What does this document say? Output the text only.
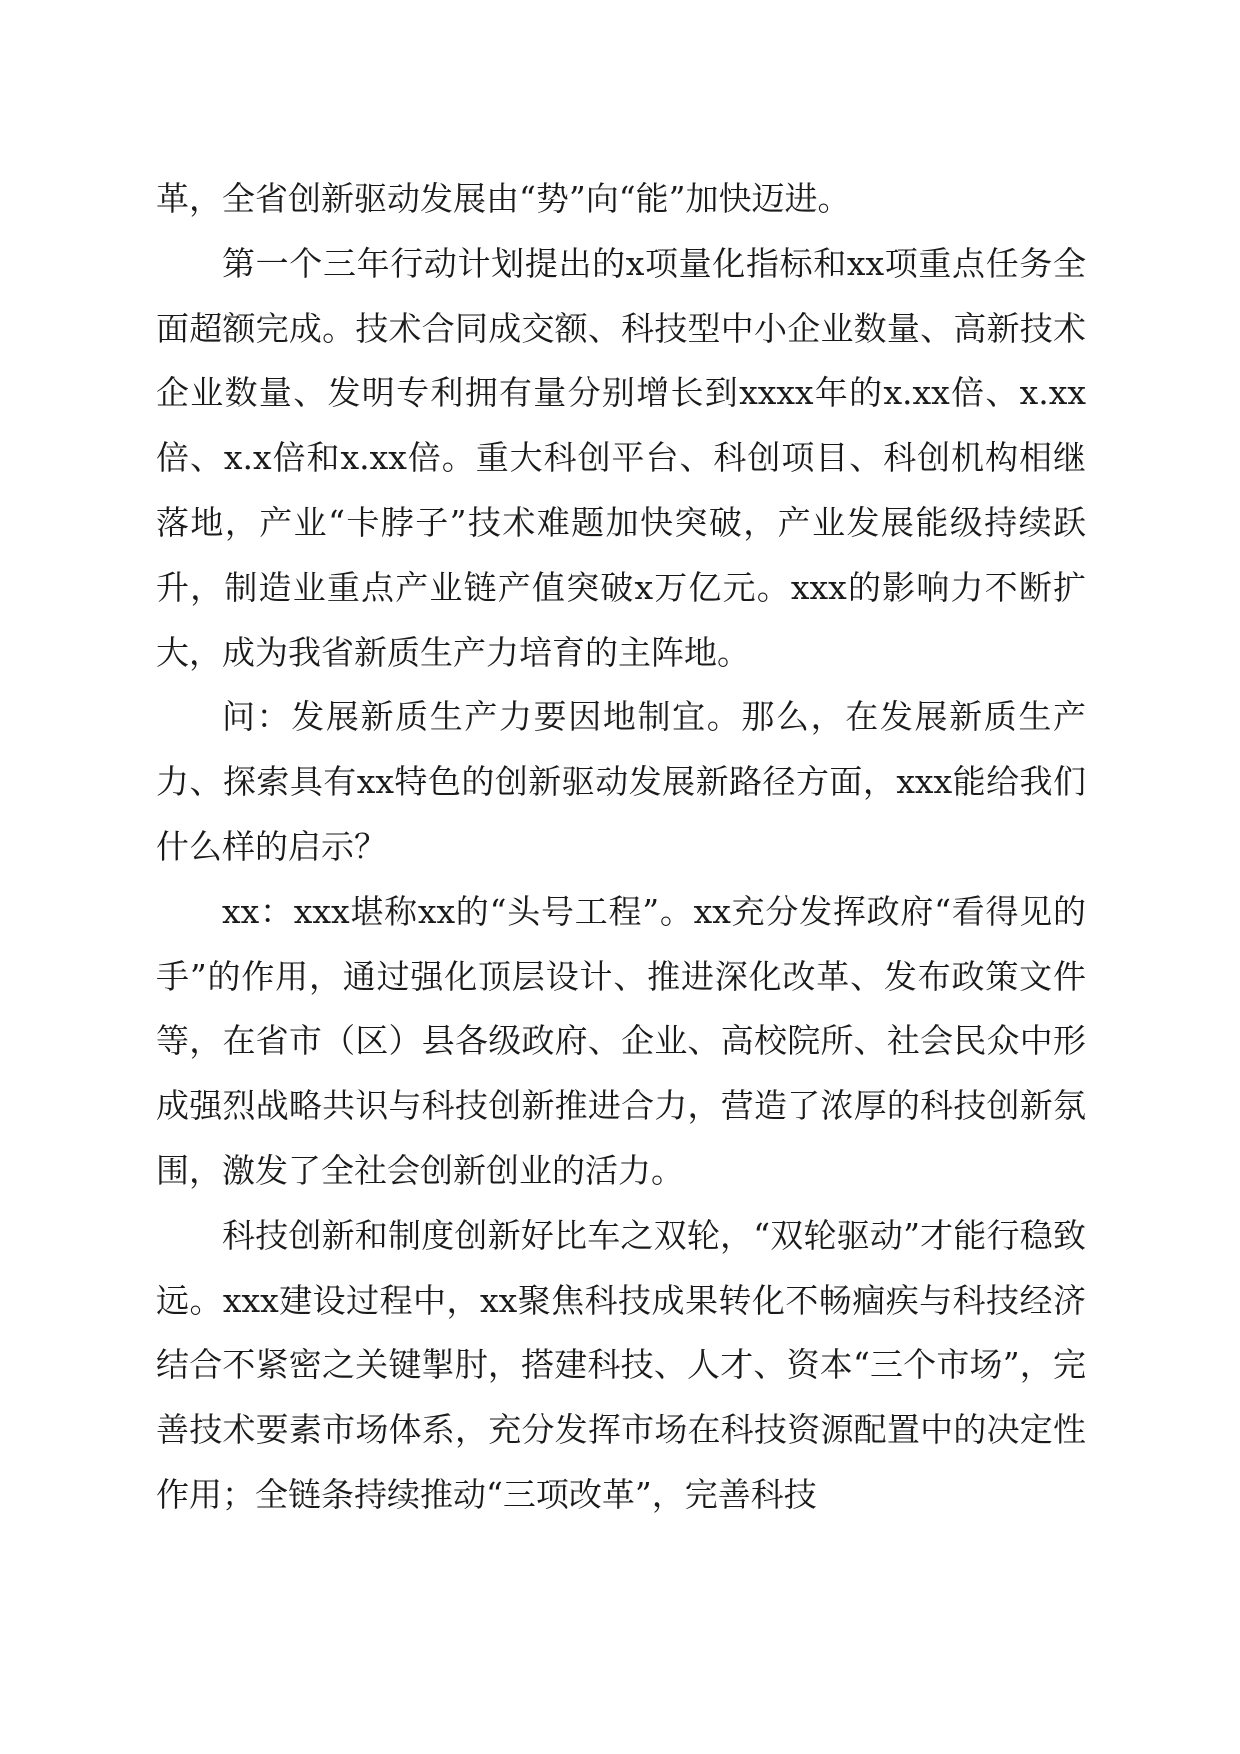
革，全省创新驱动发展由“势”向“能”加快迈进。

第一个三年行动计划提出的x项量化指标和xx项重点任务全面超额完成。技术合同成交额、科技型中小企业数量、高新技术企业数量、发明专利拥有量分别增长到xxxx年的x.xx倍、x.xx倍、x.x倍和x.xx倍。重大科创平台、科创项目、科创机构相继落地，产业“卡脖子”技术难题加快突破，产业发展能级持续跃升，制造业重点产业链产值突破x万亿元。xxx的影响力不断扩大，成为我省新质生产力培育的主阵地。

问：发展新质生产力要因地制宜。那么，在发展新质生产力、探索具有xx特色的创新驱动发展新路径方面，xxx能给我们什么样的启示？

xx：xxx堪称xx的“头号工程”。xx充分发挥政府“看得见的手”的作用，通过强化顶层设计、推进深化改革、发布政策文件等，在省市（区）县各级政府、企业、高校院所、社会民众中形成强烈战略共识与科技创新推进合力，营造了浓厚的科技创新氛围，激发了全社会创新创业的活力。

科技创新和制度创新好比车之双轮，“双轮驱动”才能行稳致远。xxx建设过程中，xx聚焦科技成果转化不畅痼疾与科技经济结合不紧密之关键掣肘，搭建科技、人才、资本“三个市场”，完善技术要素市场体系，充分发挥市场在科技资源配置中的决定性作用；全链条持续推动“三项改革”，完善科技
